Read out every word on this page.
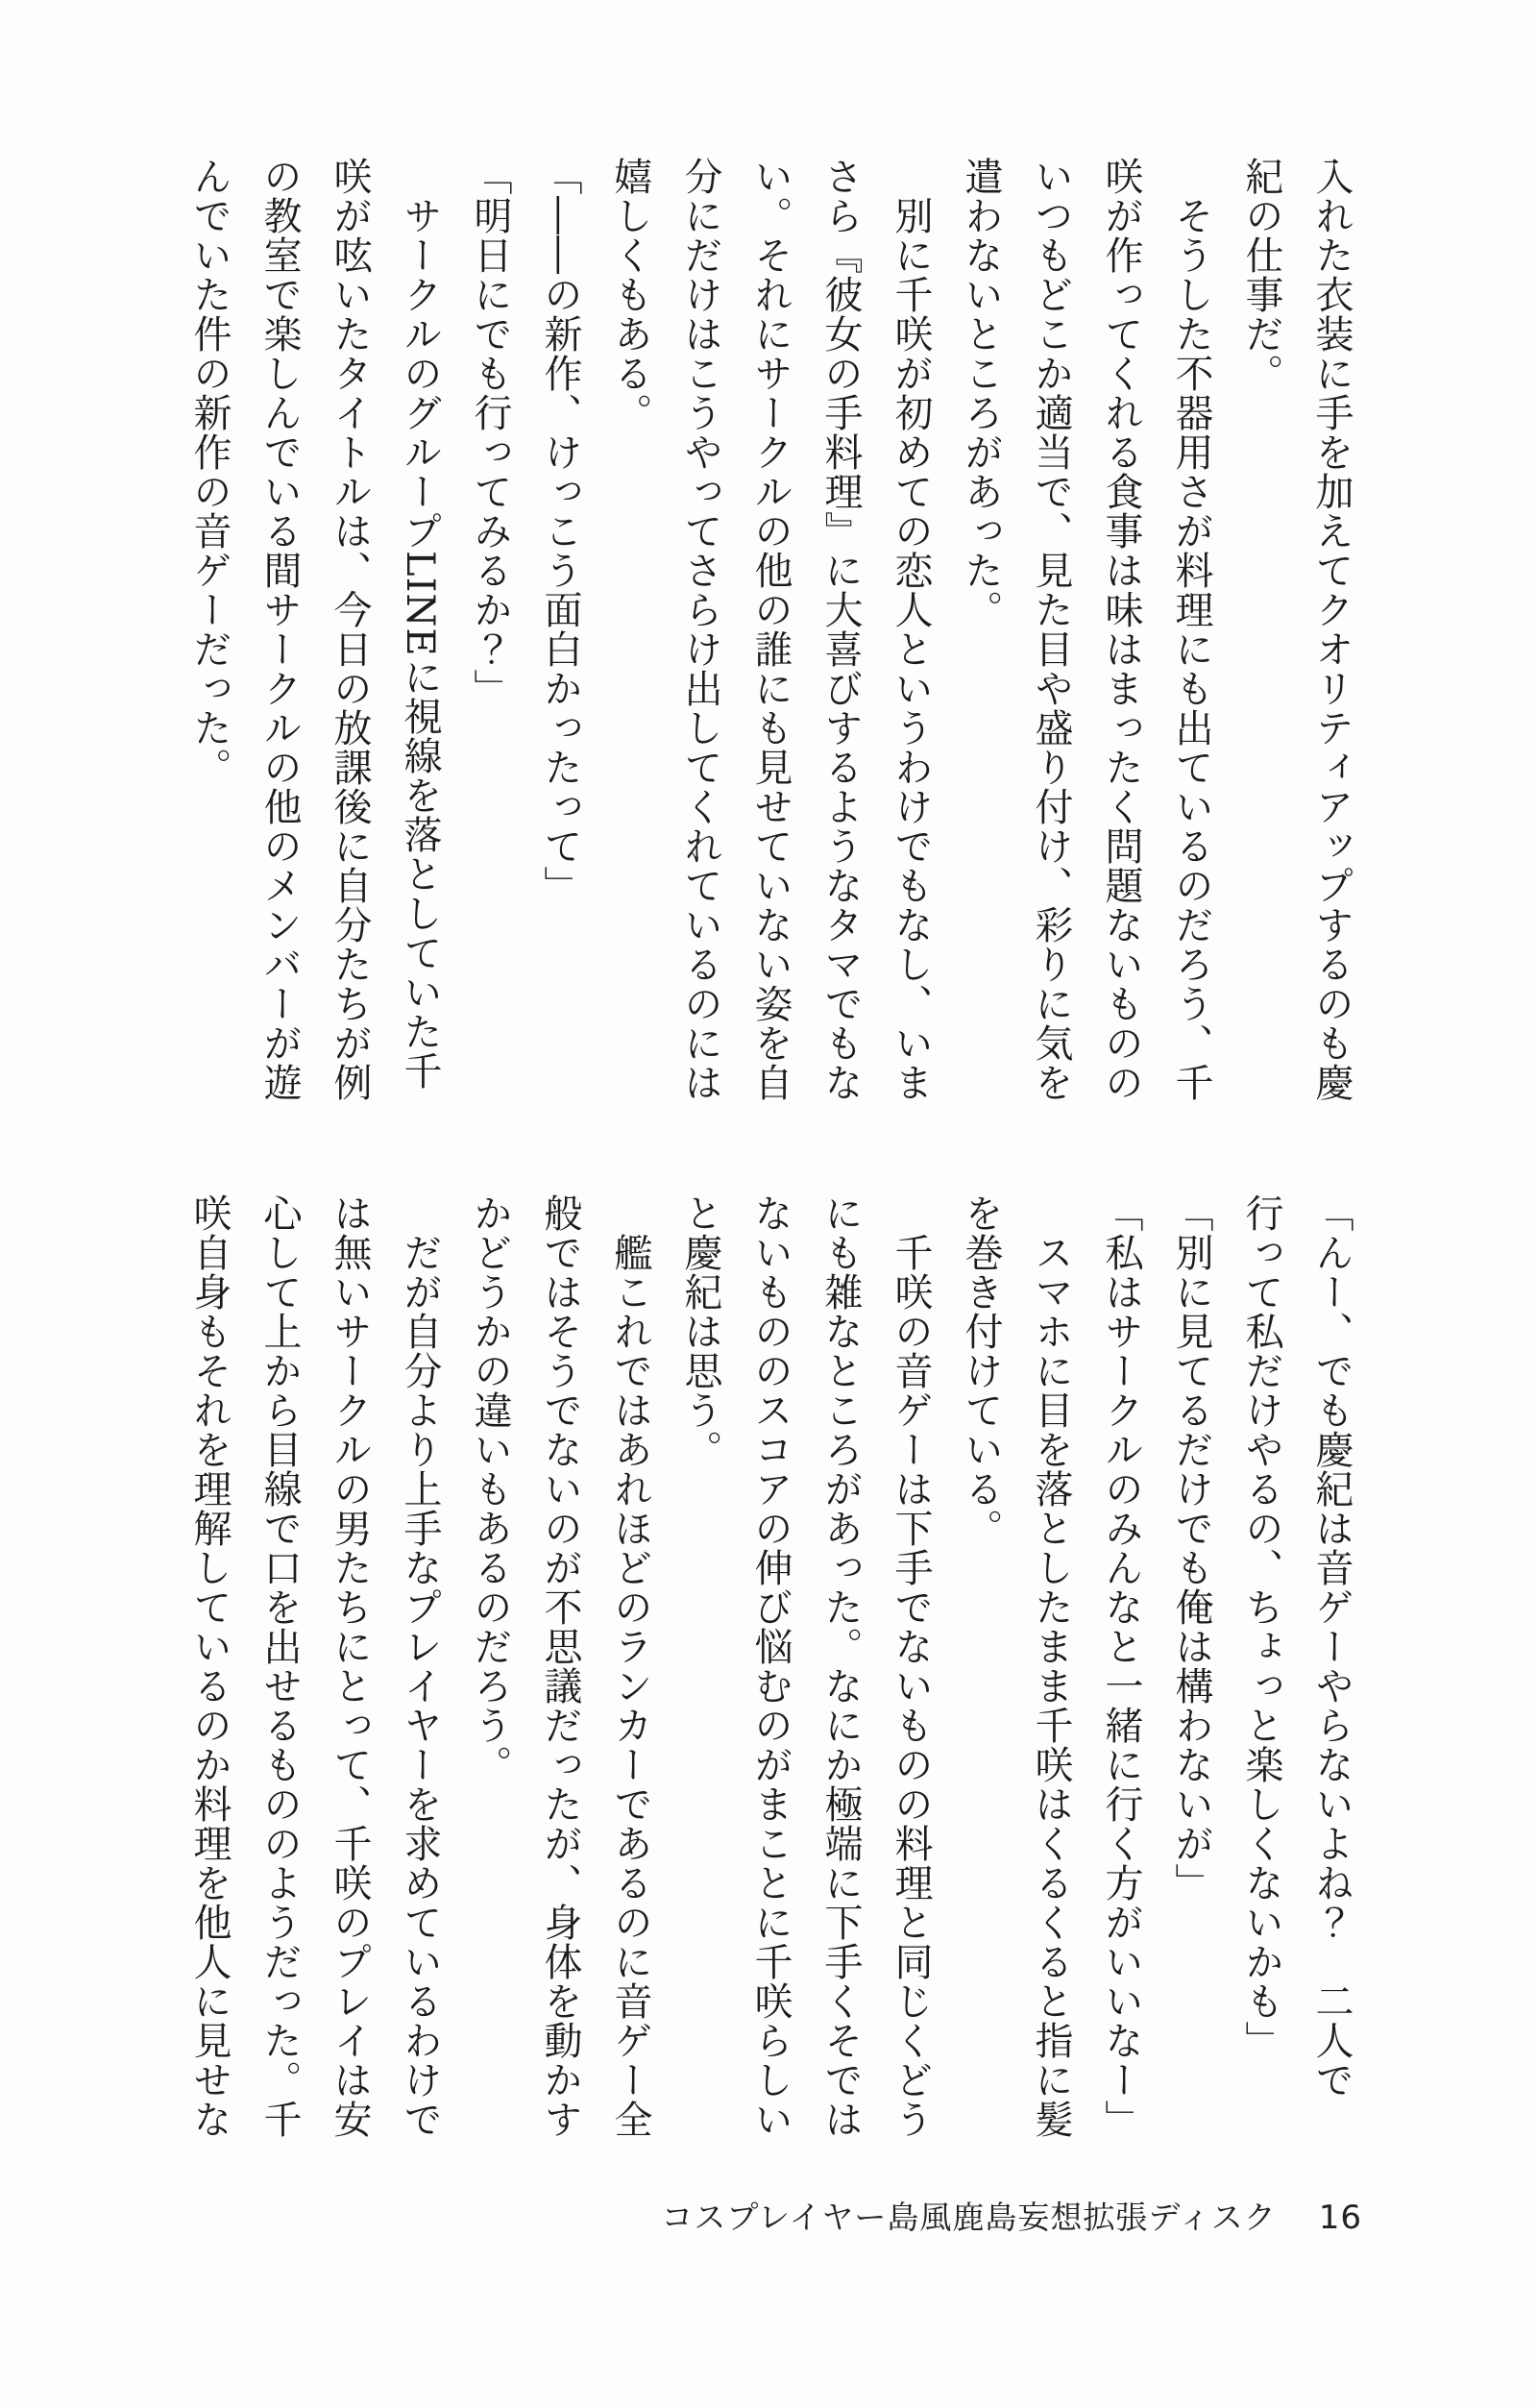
入れた衣装に手を加えてクオリティアップするのも慶

紀の仕事だ。

　そうした不器用さが料理にも出ているのだろう、千

咲が作ってくれる食事は味はまったく問題ないものの

いつもどこか適当で、見た目や盛り付け、彩りに気を

遣わないところがあった。

　別に千咲が初めての恋人というわけでもなし、いま

さら『彼女の手料理』に大喜びするようなタマでもな

い。それにサークルの他の誰にも見せていない姿を自

分にだけはこうやってさらけ出してくれているのには

嬉しくもある。

「――の新作、けっこう面白かったって」

「明日にでも行ってみるか？」

　サークルのグループLINEに視線を落としていた千

咲が呟いたタイトルは、今日の放課後に自分たちが例

の教室で楽しんでいる間サークルの他のメンバーが遊

んでいた件の新作の音ゲーだった。

「んー、でも慶紀は音ゲーやらないよね？　二人で

行って私だけやるの、ちょっと楽しくないかも」

「別に見てるだけでも俺は構わないが」

「私はサークルのみんなと一緒に行く方がいいなー」

　スマホに目を落としたまま千咲はくるくると指に髪

を巻き付けている。

　千咲の音ゲーは下手でないものの料理と同じくどう

にも雑なところがあった。なにか極端に下手くそでは

ないもののスコアの伸び悩むのがまことに千咲らしい

と慶紀は思う。

　艦これではあれほどのランカーであるのに音ゲー全

般ではそうでないのが不思議だったが、身体を動かす

かどうかの違いもあるのだろう。

　だが自分より上手なプレイヤーを求めているわけで

は無いサークルの男たちにとって、千咲のプレイは安

心して上から目線で口を出せるもののようだった。千

咲自身もそれを理解しているのか料理を他人に見せな

コスプレイヤー島風鹿島妄想拡張ディスク 16
